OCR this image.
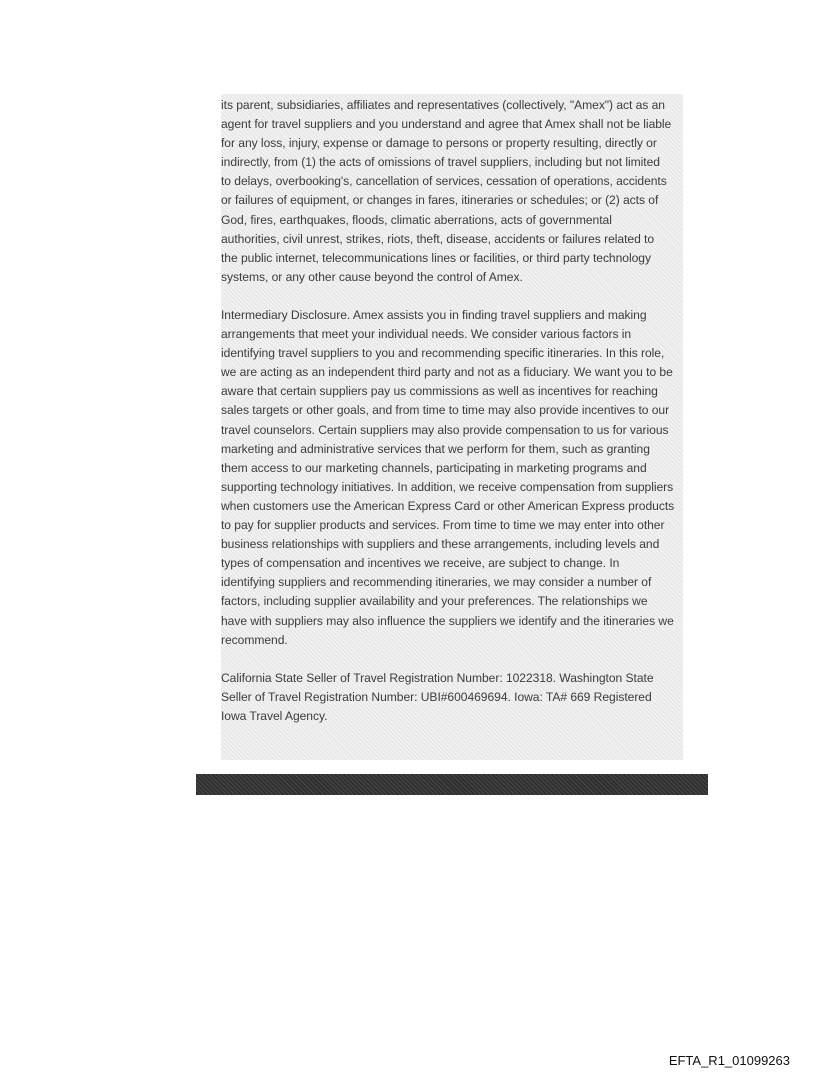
its parent, subsidiaries, affiliates and representatives (collectively, "Amex") act as an
agent for travel suppliers and you understand and agree that Amex shall not be liable
for any loss, injury, expense or damage to persons or property resulting, directly or
indirectly, from (1) the acts of omissions of travel suppliers, including but not limited
to delays, overbooking's, cancellation of services, cessation of operations, accidents
or failures of equipment, or changes in fares, itineraries or schedules; or (2) acts of
God, fires, earthquakes, floods, climatic aberrations, acts of governmental
authorities, civil unrest, strikes, riots, theft, disease, accidents or failures related to
the public internet, telecommunications lines or facilities, or third party technology
systems, or any other cause beyond the control of Amex.

Intermediary Disclosure. Amex assists you in finding travel suppliers and making
arrangements that meet your individual needs. We consider various factors in
identifying travel suppliers to you and recommending specific itineraries. In this role,
we are acting as an independent third party and not as a fiduciary. We want you to be
aware that certain suppliers pay us commissions as well as incentives for reaching
sales targets or other goals, and from time to time may also provide incentives to our
travel counselors. Certain suppliers may also provide compensation to us for various
marketing and administrative services that we perform for them, such as granting
them access to our marketing channels, participating in marketing programs and
supporting technology initiatives. In addition, we receive compensation from suppliers
when customers use the American Express Card or other American Express products
to pay for supplier products and services. From time to time we may enter into other
business relationships with suppliers and these arrangements, including levels and
types of compensation and incentives we receive, are subject to change. In
identifying suppliers and recommending itineraries, we may consider a number of
factors, including supplier availability and your preferences. The relationships we
have with suppliers may also influence the suppliers we identify and the itineraries we
recommend.

California State Seller of Travel Registration Number: 1022318. Washington State
Seller of Travel Registration Number: UBI#600469694. Iowa: TA# 669 Registered
Iowa Travel Agency.

EFTA_R1_01099263
